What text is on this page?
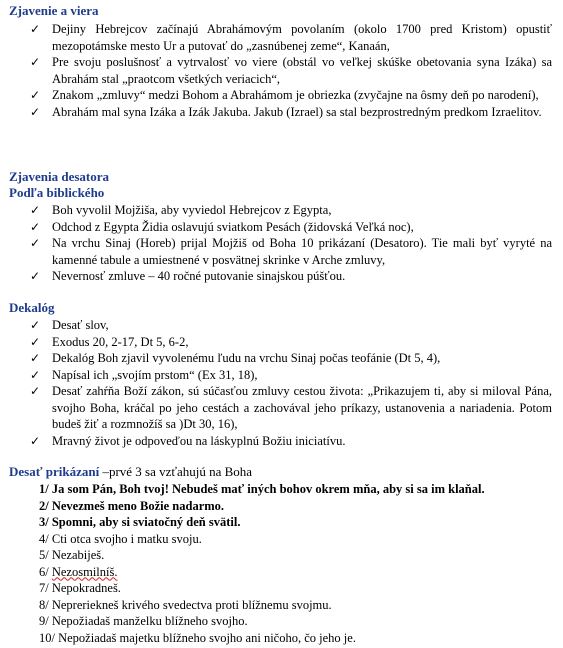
Zjavenie a viera
✓ Dejiny Hebrejcov začínajú Abrahámovým povolaním (okolo 1700 pred Kristom) opustiť mezopotámske mesto Ur a putovať do „zasnúbenej zeme“, Kanaán,
✓ Pre svoju poslušnosť a vytrvalosť vo viere (obstál vo veľkej skúške obetovania syna Izáka) sa Abrahám stal „praotcom všetkých veriacich“,
✓ Znakom „zmluvy“ medzi Bohom a Abrahámom je obriezka (zvyčajne na ôsmy deň po narodení),
✓ Abrahám mal syna Izáka a Izák Jakuba. Jakub (Izrael) sa stal bezprostredným predkom Izraelitov.
Zjavenia desatora
Podľa biblického
✓ Boh vyvolil Mojžiša, aby vyviedol Hebrejcov z Egypta,
✓ Odchod z Egypta Židia oslavujú sviatkom Pesách (židovská Veľká noc),
✓ Na vrchu Sinaj (Horeb) prijal Mojžiš od Boha 10 prikázaní (Desatoro). Tie mali byť vyryté na kamenné tabule a umiestnené v posvätnej skrinke v Arche zmluvy,
✓ Nevernosť zmluve – 40 ročné putovanie sinajskou púšťou.
Dekalóg
✓ Desať slov,
✓ Exodus 20, 2-17, Dt 5, 6-2,
✓ Dekalóg Boh zjavil vyvolenému ľudu na vrchu Sinaj počas teofánie (Dt 5, 4),
✓ Napísal ich „svojím prstom“ (Ex 31, 18),
✓ Desať zahŕňa Boží zákon, sú súčasťou zmluvy cestou života: „Prikazujem ti, aby si miloval Pána, svojho Boha, kráčal po jeho cestách a zachovával jeho príkazy, ustanovenia a nariadenia. Potom budeš žiť a rozmnožíš sa )Dt 30, 16),
✓ Mravný život je odpoveďou na láskyplnú Božiu iniciatívu.
Desať prikázaní –prvé 3 sa vzťahujú na Boha
1/ Ja som Pán, Boh tvoj! Nebudeš mať iných bohov okrem mňa, aby si sa im klaňal.
2/ Nevezmeš meno Božie nadarmo.
3/ Spomni, aby si sviatočný deň svätil.
4/ Cti otca svojho i matku svoju.
5/ Nezabiješ.
6/ Nezosmilníš.
7/ Nepokradneš.
8/ Nepreriekneš krivého svedectva proti blížnemu svojmu.
9/ Nepožiadaš manželku blížneho svojho.
10/ Nepožiadaš majetku blížneho svojho ani ničoho, čo jeho je.
